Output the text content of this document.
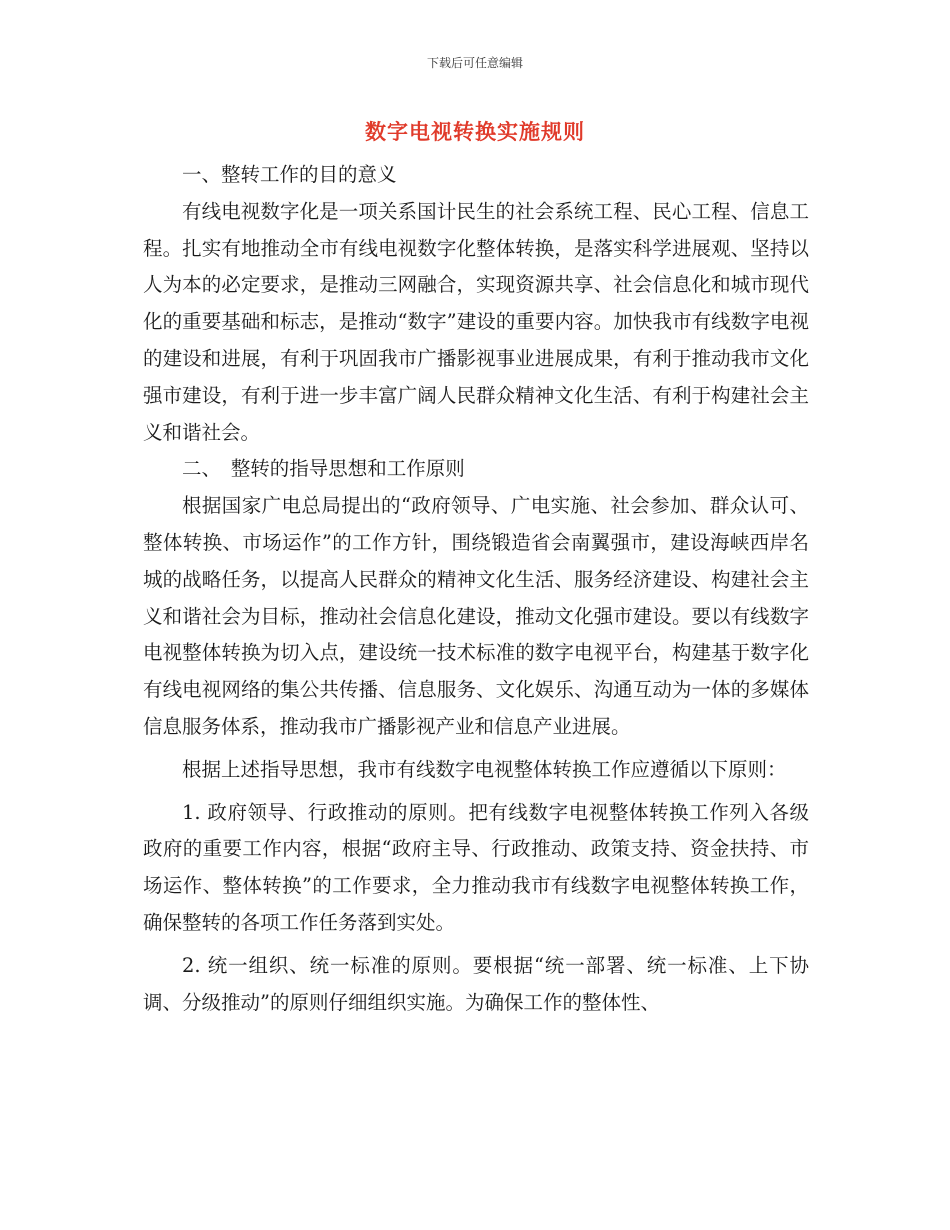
下载后可任意编辑
数字电视转换实施规则

一、整转工作的目的意义

有线电视数字化是一项关系国计民生的社会系统工程、民心工程、信息工程。扎实有地推动全市有线电视数字化整体转换，是落实科学进展观、坚持以人为本的必定要求，是推动三网融合，实现资源共享、社会信息化和城市现代化的重要基础和标志，是推动“数字”建设的重要内容。加快我市有线数字电视的建设和进展，有利于巩固我市广播影视事业进展成果，有利于推动我市文化强市建设，有利于进一步丰富广阔人民群众精神文化生活、有利于构建社会主义和谐社会。

二、　整转的指导思想和工作原则

根据国家广电总局提出的“政府领导、广电实施、社会参加、群众认可、整体转换、市场运作”的工作方针，围绕锻造省会南翼强市，建设海峡西岸名城的战略任务，以提高人民群众的精神文化生活、服务经济建设、构建社会主义和谐社会为目标，推动社会信息化建设，推动文化强市建设。要以有线数字电视整体转换为切入点，建设统一技术标准的数字电视平台，构建基于数字化有线电视网络的集公共传播、信息服务、文化娱乐、沟通互动为一体的多媒体信息服务体系，推动我市广播影视产业和信息产业进展。

根据上述指导思想，我市有线数字电视整体转换工作应遵循以下原则：

1. 政府领导、行政推动的原则。把有线数字电视整体转换工作列入各级政府的重要工作内容，根据“政府主导、行政推动、政策支持、资金扶持、市场运作、整体转换”的工作要求，全力推动我市有线数字电视整体转换工作，确保整转的各项工作任务落到实处。

2. 统一组织、统一标准的原则。要根据“统一部署、统一标准、上下协调、分级推动”的原则仔细组织实施。为确保工作的整体性、
